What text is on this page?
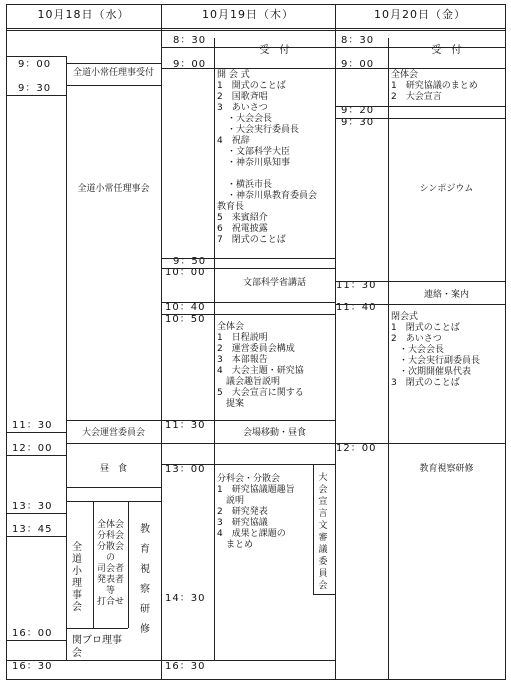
10月18日（水）	10月19日（木）	10月20日（金）
9：00
9：30
11：30
12：00
13：30
13：45
16：00
16：30
全道小常任理事受付
全道小常任理事会
大会運営委員会
昼　食
全道小理事会
全体会
分科会
分散会
の
司会者
発表者
等
打合せ
教育視察研修
関ブロ理事会
8：30
9：00
9：50
10：00
10：40
10：50
11：30
13：00
14：30
16：30
受　付
開 会 式
1　開式のことば
2　国歌斉唱
3　あいさつ
・大会会長
・大会実行委員長
4　祝辞
・文部科学大臣
・神奈川県知事
・横浜市長
・神奈川県教育委員会
教育長
5　来賓紹介
6　祝電披露
7　閉式のことば
文部科学省講話
全体会
1　日程説明
2　運営委員会構成
3　本部報告
4　大会主題・研究協
　議会趣旨説明
5　大会宣言に関する
　提案
会場移動・昼食
分科会・分散会
1　研究協議題趣旨
　説明
2　研究発表
3　研究協議
4　成果と課題の
　まとめ
大会宣言文審議委員会
8：30
9：00
9：20
9：30
11：30
11：40
12：00
受　付
全体会
1　研究協議のまとめ
2　大会宣言
シンポジウム
連絡・案内
閉会式
1　閉式のことば
2　あいさつ
・大会会長
・大会実行副委員長
・次期開催県代表
3　閉式のことば
教育視察研修
